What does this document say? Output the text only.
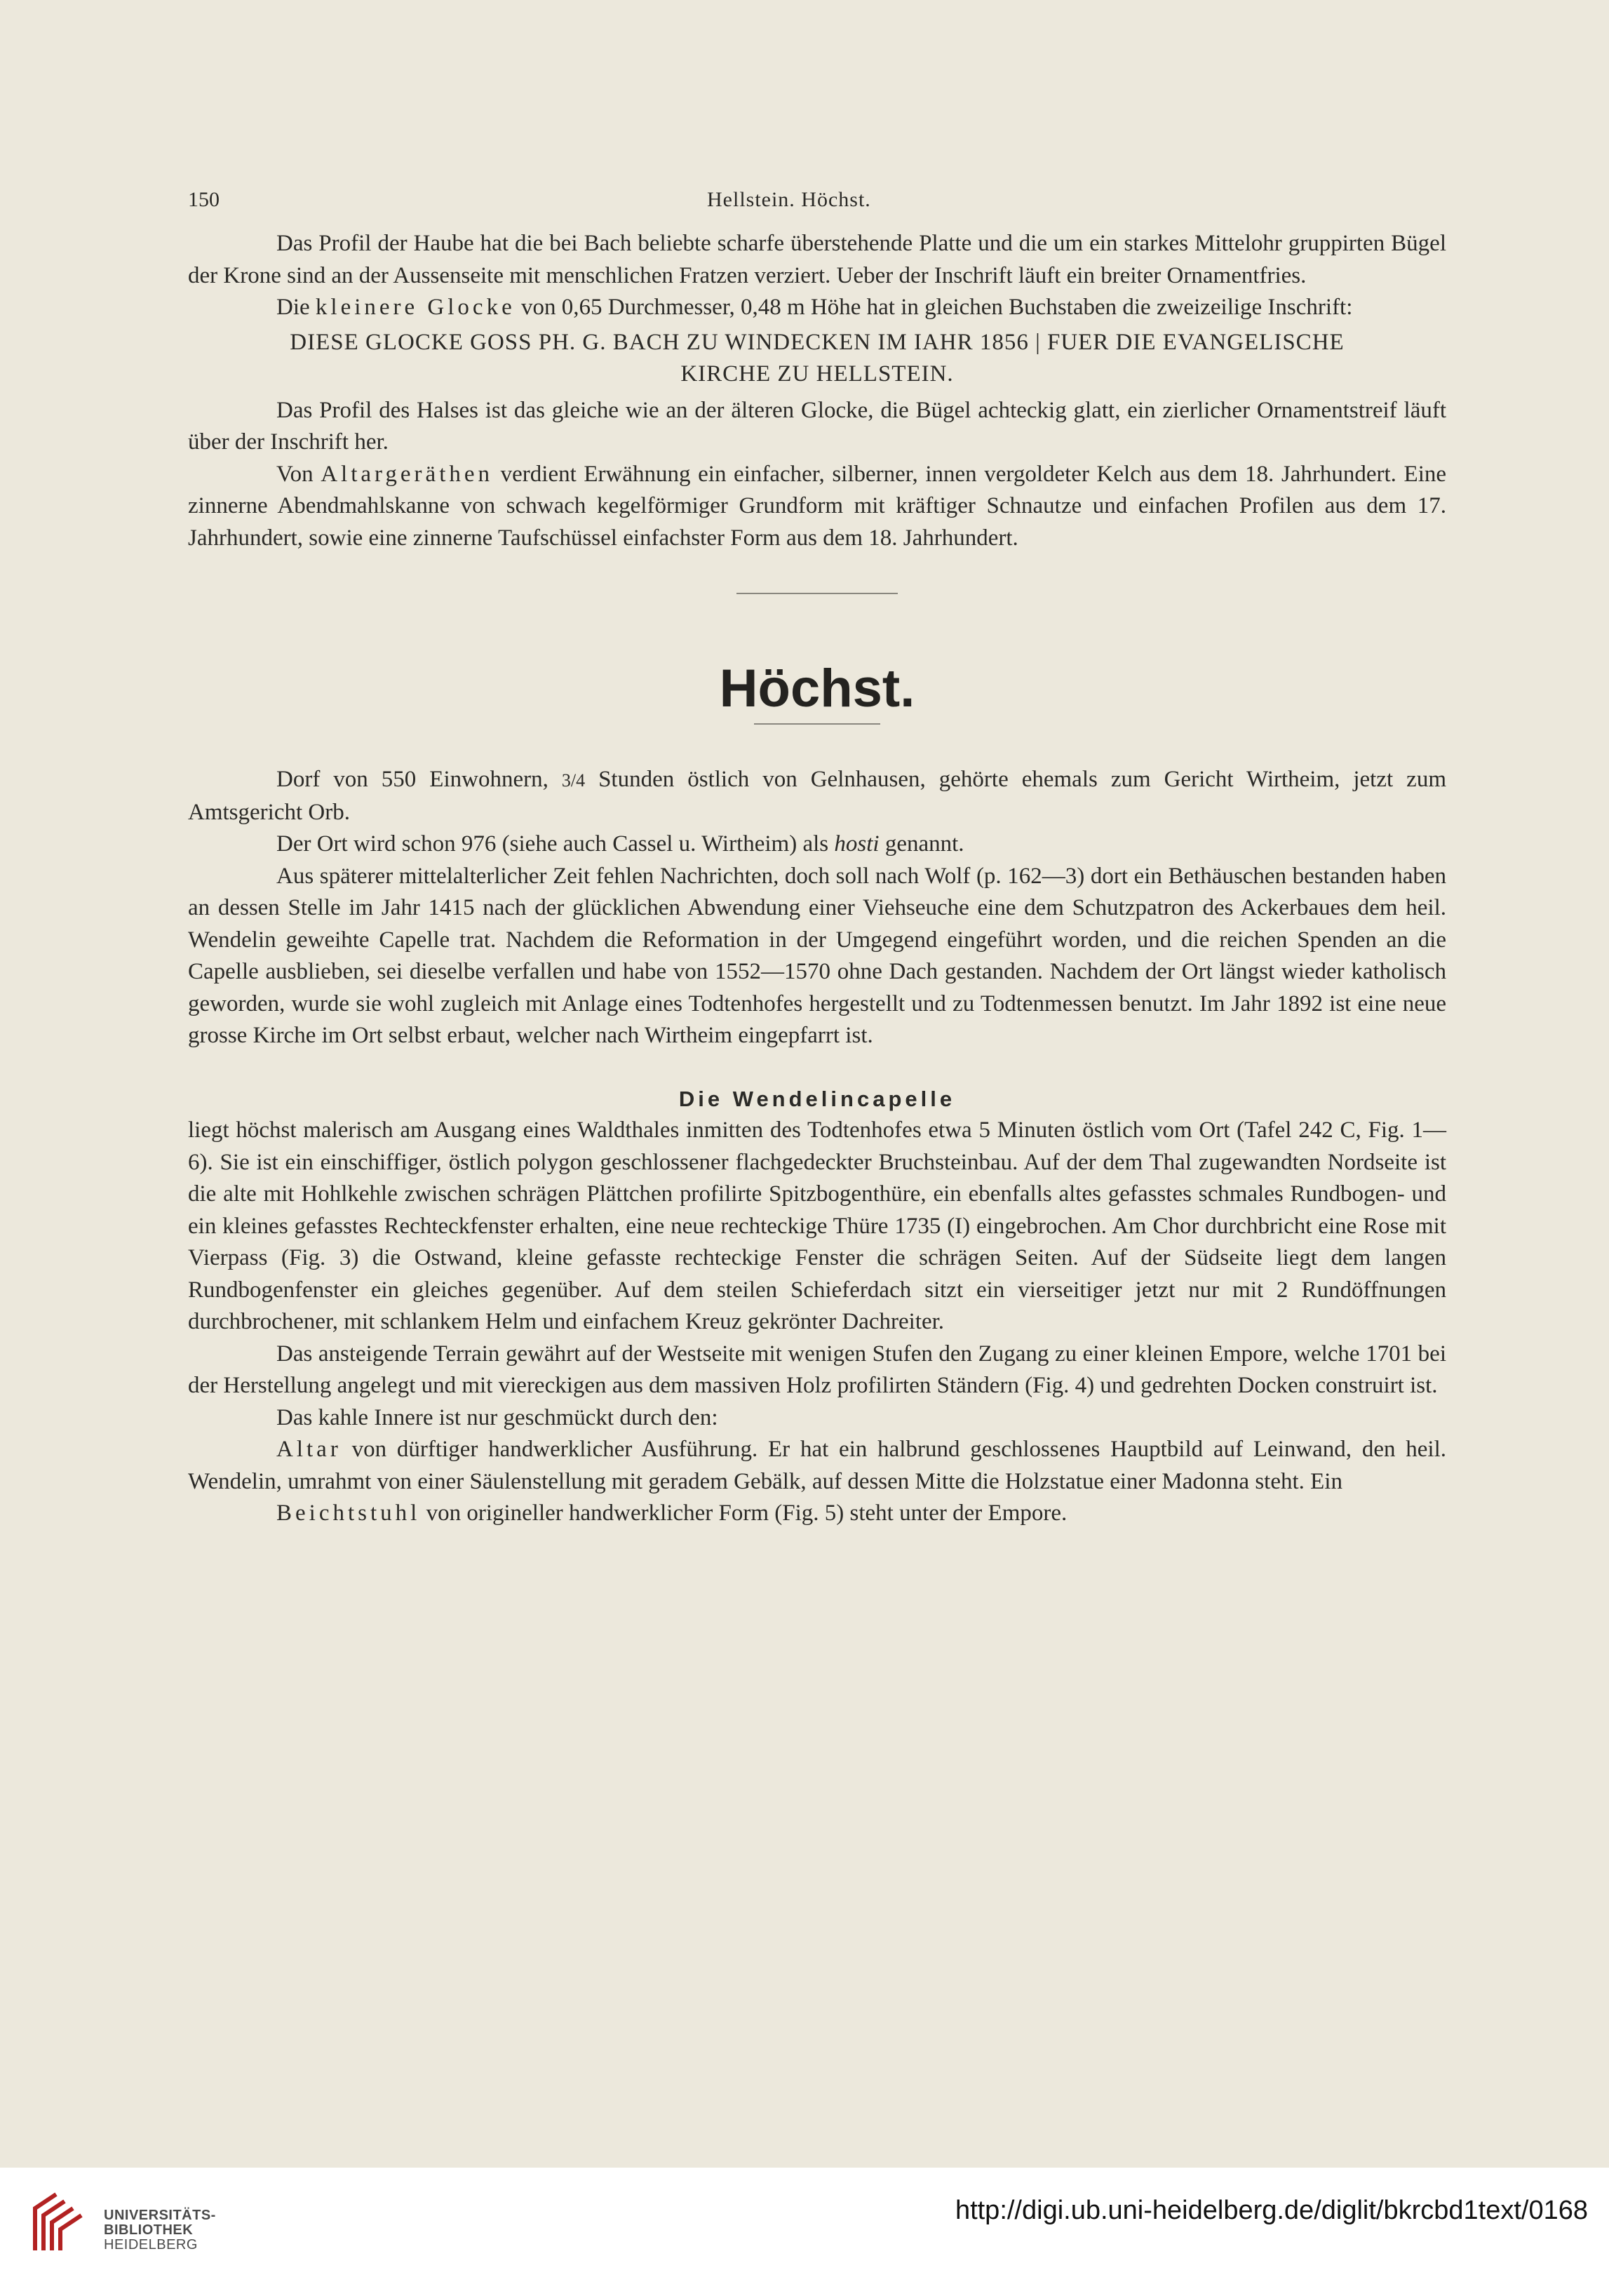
150	Hellstein. Höchst.

Das Profil der Haube hat die bei Bach beliebte scharfe überstehende Platte und die um ein starkes Mittelohr gruppirten Bügel der Krone sind an der Aussenseite mit menschlichen Fratzen verziert. Ueber der Inschrift läuft ein breiter Ornamentfries.

Die kleinere Glocke von 0,65 Durchmesser, 0,48 m Höhe hat in gleichen Buchstaben die zweizeilige Inschrift:

DIESE GLOCKE GOSS PH. G. BACH ZU WINDECKEN IM IAHR 1856 | FUER DIE EVANGELISCHE
KIRCHE ZU HELLSTEIN.

Das Profil des Halses ist das gleiche wie an der älteren Glocke, die Bügel achteckig glatt, ein zierlicher Ornamentstreif läuft über der Inschrift her.

Von Altargeräthen verdient Erwähnung ein einfacher, silberner, innen vergoldeter Kelch aus dem 18. Jahrhundert. Eine zinnerne Abendmahlskanne von schwach kegelförmiger Grundform mit kräftiger Schnautze und einfachen Profilen aus dem 17. Jahrhundert, sowie eine zinnerne Taufschüssel einfachster Form aus dem 18. Jahrhundert.

Höchst.

Dorf von 550 Einwohnern, 3/4 Stunden östlich von Gelnhausen, gehörte ehemals zum Gericht Wirtheim, jetzt zum Amtsgericht Orb.

Der Ort wird schon 976 (siehe auch Cassel u. Wirtheim) als hosti genannt.

Aus späterer mittelalterlicher Zeit fehlen Nachrichten, doch soll nach Wolf (p. 162—3) dort ein Bethäuschen bestanden haben an dessen Stelle im Jahr 1415 nach der glücklichen Abwendung einer Viehseuche eine dem Schutzpatron des Ackerbaues dem heil. Wendelin geweihte Capelle trat. Nachdem die Reformation in der Umgegend eingeführt worden, und die reichen Spenden an die Capelle ausblieben, sei dieselbe verfallen und habe von 1552—1570 ohne Dach gestanden. Nachdem der Ort längst wieder katholisch geworden, wurde sie wohl zugleich mit Anlage eines Todtenhofes hergestellt und zu Todtenmessen benutzt. Im Jahr 1892 ist eine neue grosse Kirche im Ort selbst erbaut, welcher nach Wirtheim eingepfarrt ist.

Die Wendelincapelle

liegt höchst malerisch am Ausgang eines Waldthales inmitten des Todtenhofes etwa 5 Minuten östlich vom Ort (Tafel 242 C, Fig. 1—6). Sie ist ein einschiffiger, östlich polygon geschlossener flachgedeckter Bruchsteinbau. Auf der dem Thal zugewandten Nordseite ist die alte mit Hohlkehle zwischen schrägen Plättchen profilirte Spitzbogenthüre, ein ebenfalls altes gefasstes schmales Rundbogen- und ein kleines gefasstes Rechteckfenster erhalten, eine neue rechteckige Thüre 1735 (I) eingebrochen. Am Chor durchbricht eine Rose mit Vierpass (Fig. 3) die Ostwand, kleine gefasste rechteckige Fenster die schrägen Seiten. Auf der Südseite liegt dem langen Rundbogenfenster ein gleiches gegenüber. Auf dem steilen Schieferdach sitzt ein vierseitiger jetzt nur mit 2 Rundöffnungen durchbrochener, mit schlankem Helm und einfachem Kreuz gekrönter Dachreiter.

Das ansteigende Terrain gewährt auf der Westseite mit wenigen Stufen den Zugang zu einer kleinen Empore, welche 1701 bei der Herstellung angelegt und mit viereckigen aus dem massiven Holz profilirten Ständern (Fig. 4) und gedrehten Docken construirt ist.

Das kahle Innere ist nur geschmückt durch den:

Altar von dürftiger handwerklicher Ausführung. Er hat ein halbrund geschlossenes Hauptbild auf Leinwand, den heil. Wendelin, umrahmt von einer Säulenstellung mit geradem Gebälk, auf dessen Mitte die Holzstatue einer Madonna steht. Ein

Beichtstuhl von origineller handwerklicher Form (Fig. 5) steht unter der Empore.

UNIVERSITÄTS-
BIBLIOTHEK
HEIDELBERG
http://digi.ub.uni-heidelberg.de/diglit/bkrcbd1text/0168
